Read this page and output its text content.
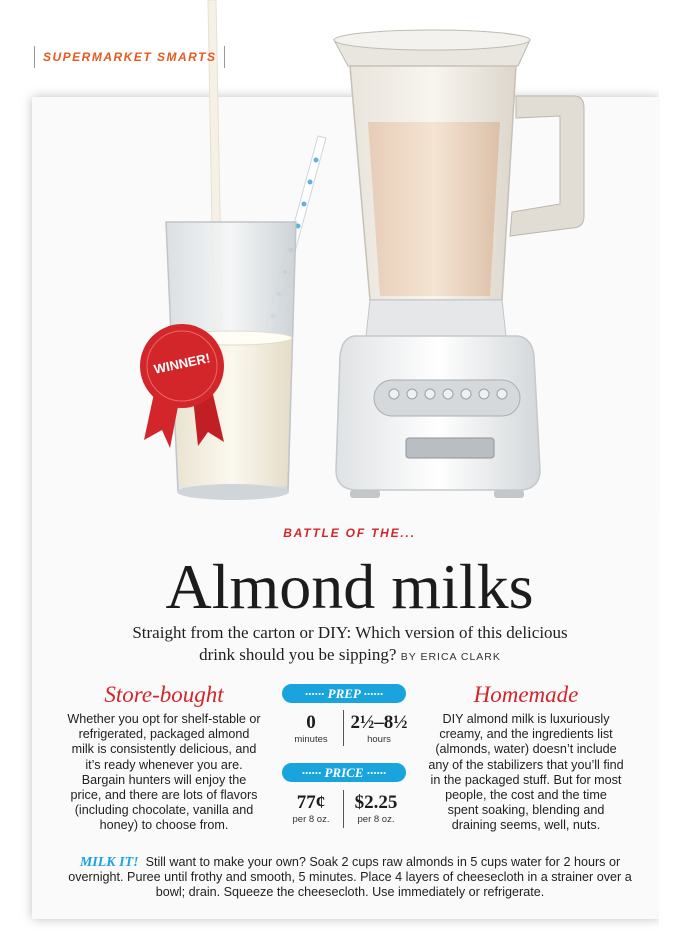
WINNER!
SUPERMARKET SMARTS
BATTLE OF THE...
Almond milks
Straight from the carton or DIY: Which version of this delicious
drink should you be sipping? BY ERICA CLARK
Store-bought
Whether you opt for shelf-stable or refrigerated, packaged almond milk is consistently delicious, and it’s ready whenever you are. Bargain hunters will enjoy the price, and there are lots of flavors (including chocolate, vanilla and honey) to choose from.
Homemade
DIY almond milk is luxuriously creamy, and the ingredients list (almonds, water) doesn’t include any of the stabilizers that you’ll find in the packaged stuff. But for most people, the cost and the time spent soaking, blending and draining seems, well, nuts.
······ PREP ······
0
minutes
2½–8½
hours
······ PRICE ······
77¢
per 8 oz.
$2.25
per 8 oz.
MILK IT! Still want to make your own? Soak 2 cups raw almonds in 5 cups water for 2 hours or overnight. Puree until frothy and smooth, 5 minutes. Place 4 layers of cheesecloth in a strainer over a bowl; drain. Squeeze the cheesecloth. Use immediately or refrigerate.
